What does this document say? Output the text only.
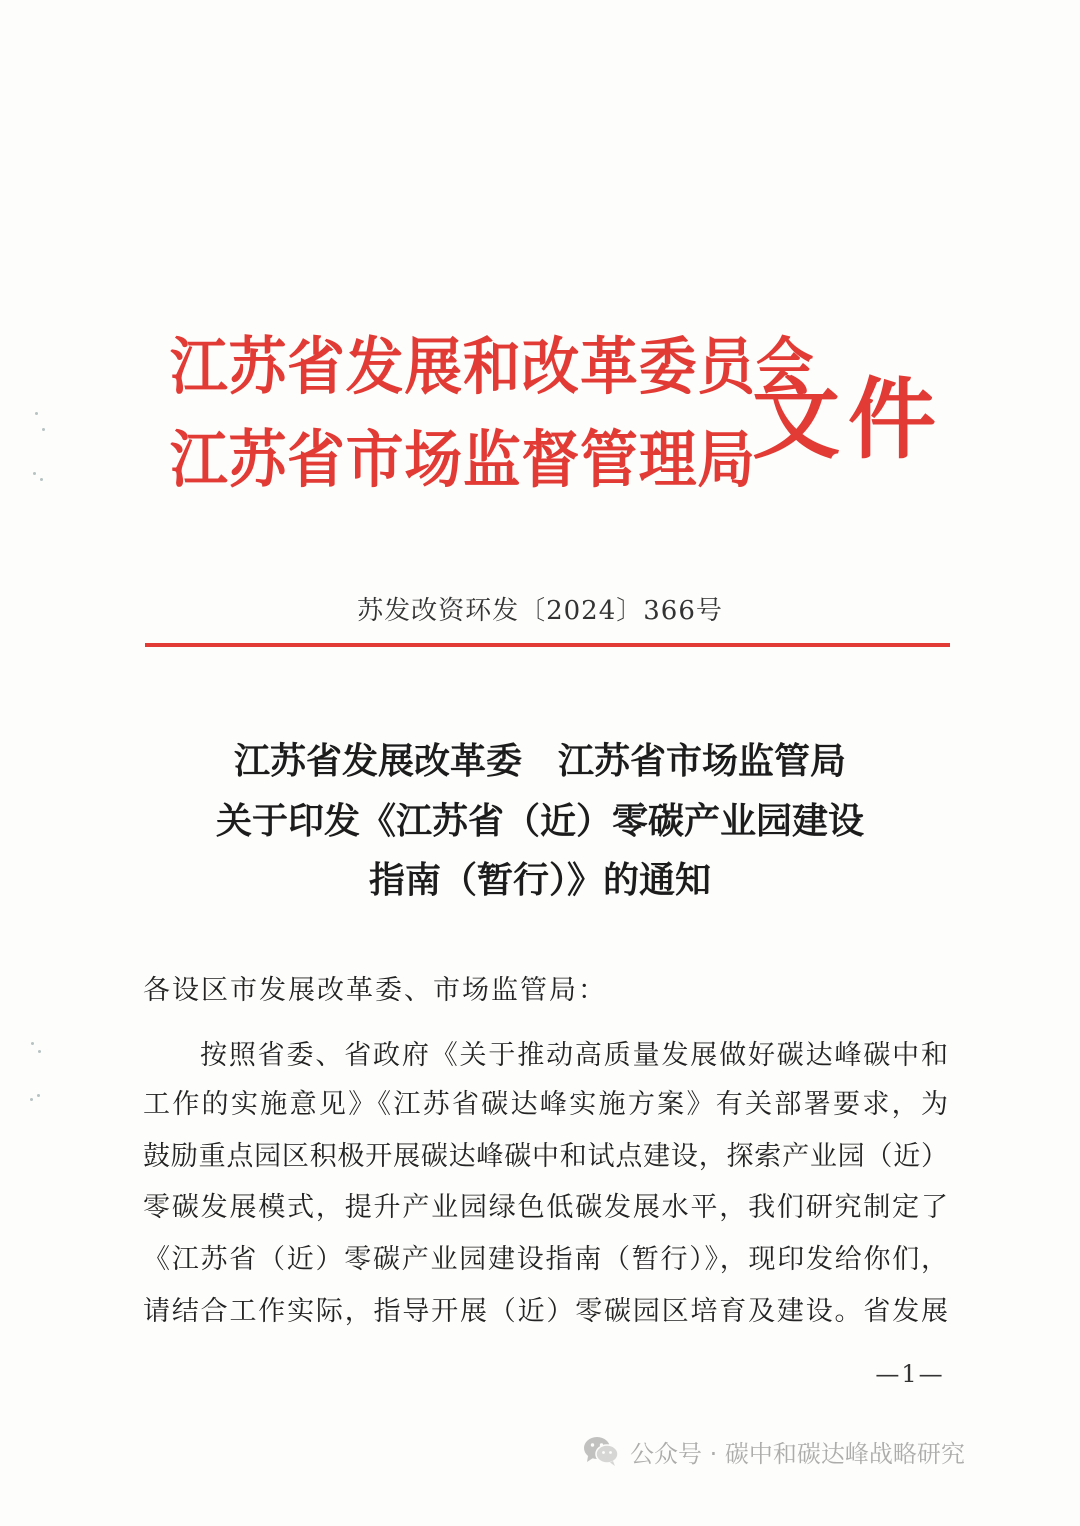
江苏省发展和改革委员会
江苏省市场监督管理局
文件
苏发改资环发〔2024〕366号
江苏省发展改革委　江苏省市场监管局
关于印发《江苏省（近）零碳产业园建设
指南（暂行）》的通知
各设区市发展改革委、市场监管局：
按照省委、省政府《关于推动高质量发展做好碳达峰碳中和
工作的实施意见》《江苏省碳达峰实施方案》有关部署要求，为
鼓励重点园区积极开展碳达峰碳中和试点建设，探索产业园（近）
零碳发展模式，提升产业园绿色低碳发展水平，我们研究制定了
《江苏省（近）零碳产业园建设指南（暂行）》，现印发给你们，
请结合工作实际，指导开展（近）零碳园区培育及建设。省发展
—1—
公众号 · 碳中和碳达峰战略研究
